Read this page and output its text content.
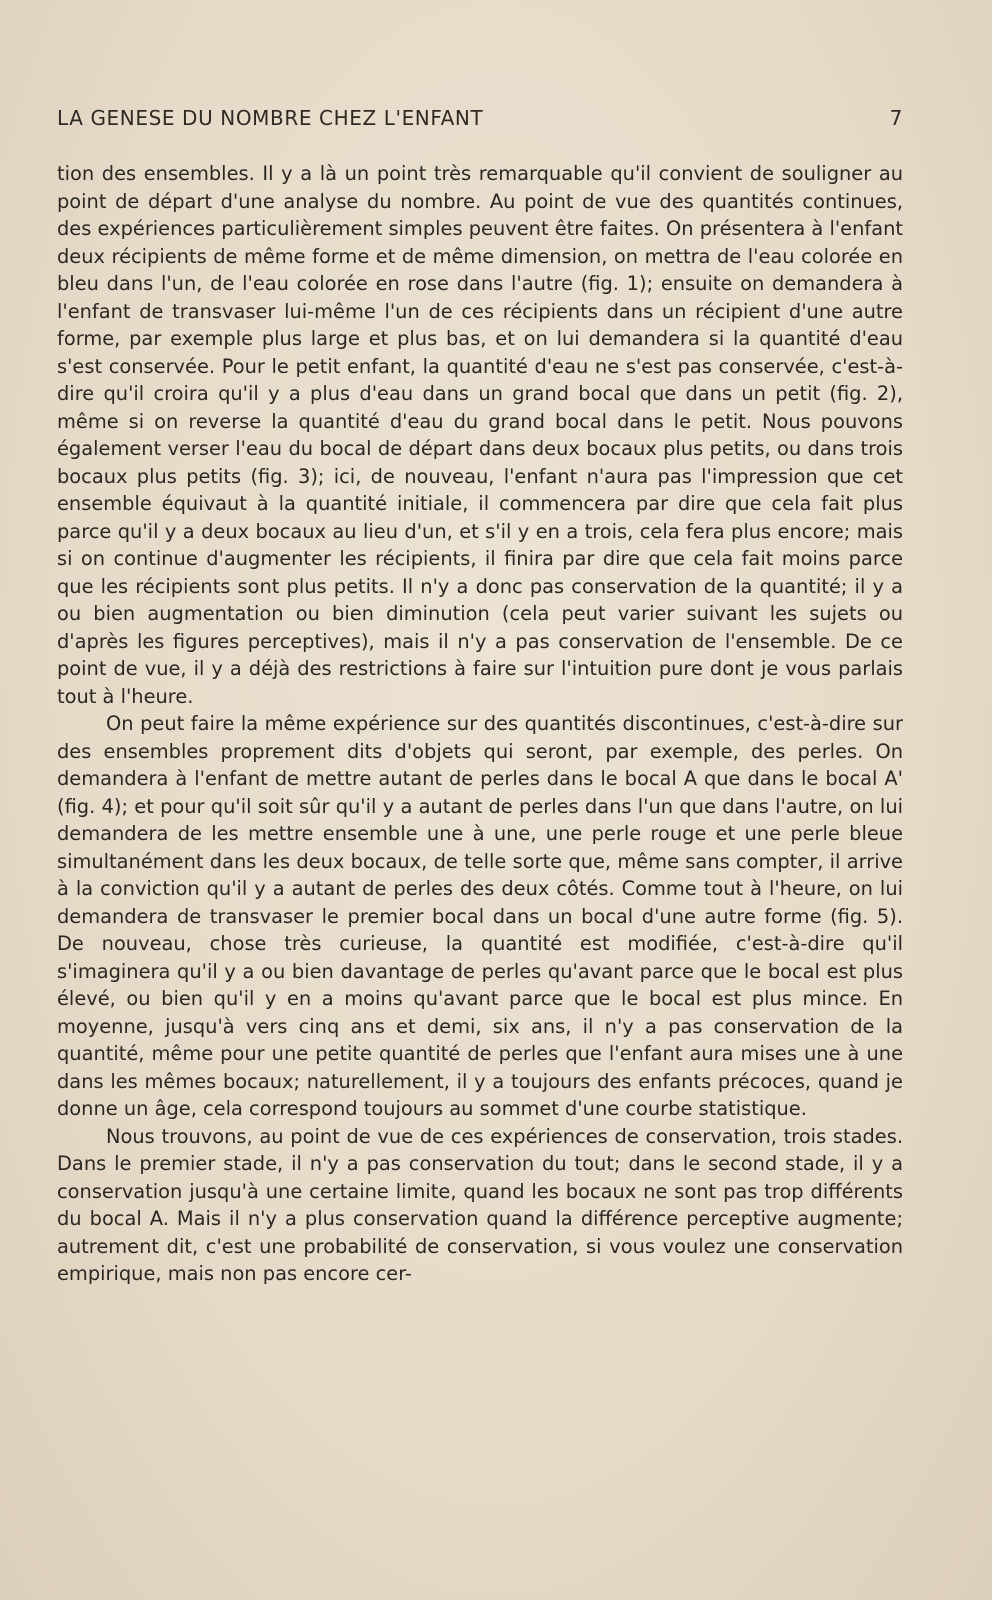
LA GENESE DU NOMBRE CHEZ L'ENFANT	7

tion des ensembles. Il y a là un point très remarquable qu'il convient de souligner au point de départ d'une analyse du nombre. Au point de vue des quantités continues, des expériences particulièrement simples peuvent être faites. On présentera à l'enfant deux récipients de même forme et de même dimension, on mettra de l'eau colorée en bleu dans l'un, de l'eau colorée en rose dans l'autre (fig. 1); ensuite on demandera à l'enfant de transvaser lui-même l'un de ces récipients dans un récipient d'une autre forme, par exemple plus large et plus bas, et on lui demandera si la quantité d'eau s'est conservée. Pour le petit enfant, la quantité d'eau ne s'est pas conservée, c'est-à-dire qu'il croira qu'il y a plus d'eau dans un grand bocal que dans un petit (fig. 2), même si on reverse la quantité d'eau du grand bocal dans le petit. Nous pouvons également verser l'eau du bocal de départ dans deux bocaux plus petits, ou dans trois bocaux plus petits (fig. 3); ici, de nouveau, l'enfant n'aura pas l'impression que cet ensemble équivaut à la quantité initiale, il commencera par dire que cela fait plus parce qu'il y a deux bocaux au lieu d'un, et s'il y en a trois, cela fera plus encore; mais si on continue d'augmenter les récipients, il finira par dire que cela fait moins parce que les récipients sont plus petits. Il n'y a donc pas conservation de la quantité; il y a ou bien augmentation ou bien diminution (cela peut varier suivant les sujets ou d'après les figures perceptives), mais il n'y a pas conservation de l'ensemble. De ce point de vue, il y a déjà des restrictions à faire sur l'intuition pure dont je vous parlais tout à l'heure.

On peut faire la même expérience sur des quantités discontinues, c'est-à-dire sur des ensembles proprement dits d'objets qui seront, par exemple, des perles. On demandera à l'enfant de mettre autant de perles dans le bocal A que dans le bocal A' (fig. 4); et pour qu'il soit sûr qu'il y a autant de perles dans l'un que dans l'autre, on lui demandera de les mettre ensemble une à une, une perle rouge et une perle bleue simultanément dans les deux bocaux, de telle sorte que, même sans compter, il arrive à la conviction qu'il y a autant de perles des deux côtés. Comme tout à l'heure, on lui demandera de transvaser le premier bocal dans un bocal d'une autre forme (fig. 5). De nouveau, chose très curieuse, la quantité est modifiée, c'est-à-dire qu'il s'imaginera qu'il y a ou bien davantage de perles qu'avant parce que le bocal est plus élevé, ou bien qu'il y en a moins qu'avant parce que le bocal est plus mince. En moyenne, jusqu'à vers cinq ans et demi, six ans, il n'y a pas conservation de la quantité, même pour une petite quantité de perles que l'enfant aura mises une à une dans les mêmes bocaux; naturellement, il y a toujours des enfants précoces, quand je donne un âge, cela correspond toujours au sommet d'une courbe statistique.

Nous trouvons, au point de vue de ces expériences de conservation, trois stades. Dans le premier stade, il n'y a pas conservation du tout; dans le second stade, il y a conservation jusqu'à une certaine limite, quand les bocaux ne sont pas trop différents du bocal A. Mais il n'y a plus conservation quand la différence perceptive augmente; autrement dit, c'est une probabilité de conservation, si vous voulez une conservation empirique, mais non pas encore cer-
